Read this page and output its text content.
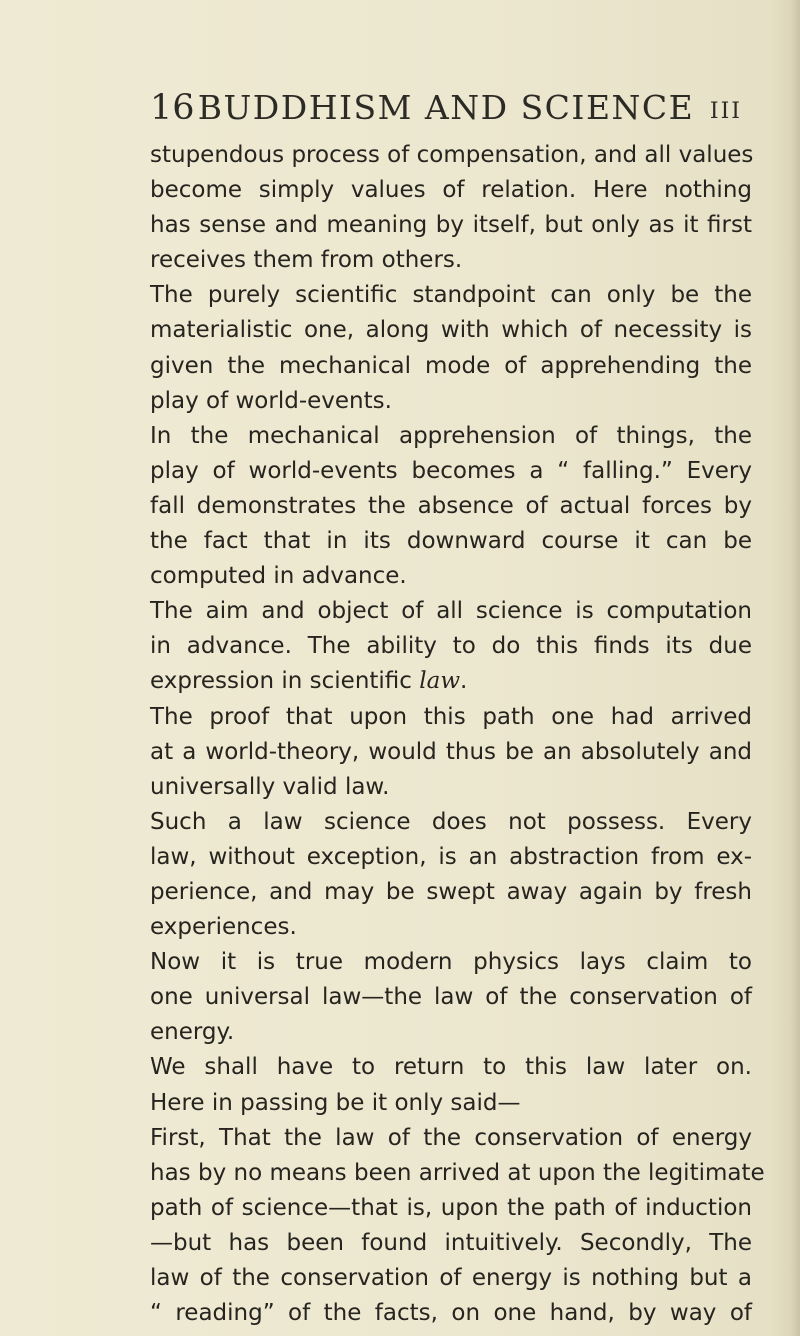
16 BUDDHISM AND SCIENCE III
stupendous process of compensation, and all values
become simply values of relation. Here nothing
has sense and meaning by itself, but only as it first
receives them from others.
The purely scientific standpoint can only be the
materialistic one, along with which of necessity is
given the mechanical mode of apprehending the
play of world-events.
In the mechanical apprehension of things, the
play of world-events becomes a “ falling.” Every
fall demonstrates the absence of actual forces by
the fact that in its downward course it can be
computed in advance.
The aim and object of all science is computation
in advance. The ability to do this finds its due
expression in scientific law.
The proof that upon this path one had arrived
at a world-theory, would thus be an absolutely and
universally valid law.
Such a law science does not possess. Every
law, without exception, is an abstraction from ex-
perience, and may be swept away again by fresh
experiences.
Now it is true modern physics lays claim to
one universal law—the law of the conservation of
energy.
We shall have to return to this law later on.
Here in passing be it only said—
First, That the law of the conservation of energy
has by no means been arrived at upon the legitimate
path of science—that is, upon the path of induction
—but has been found intuitively. Secondly, The
law of the conservation of energy is nothing but a
“ reading” of the facts, on one hand, by way of
